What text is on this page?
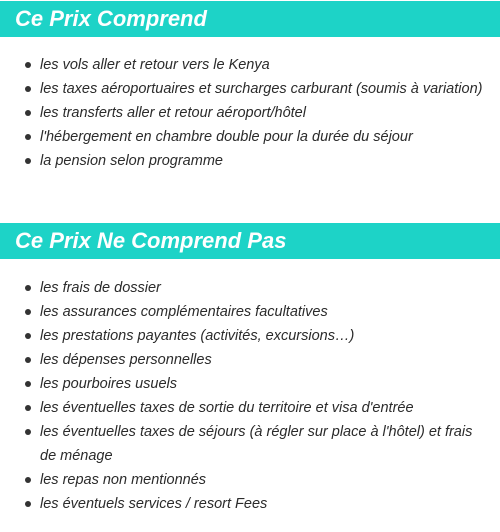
Ce Prix Comprend
les vols aller et retour vers le Kenya
les taxes aéroportuaires et surcharges carburant (soumis à variation)
les transferts aller et retour aéroport/hôtel
l'hébergement en chambre double pour la durée du séjour
la pension selon programme
Ce Prix Ne Comprend Pas
les frais de dossier
les assurances complémentaires facultatives
les prestations payantes (activités, excursions…)
les dépenses personnelles
les pourboires usuels
les éventuelles taxes de sortie du territoire et visa d'entrée
les éventuelles taxes de séjours (à régler sur place à l'hôtel) et frais de ménage
les repas non mentionnés
les éventuels services / resort Fees
